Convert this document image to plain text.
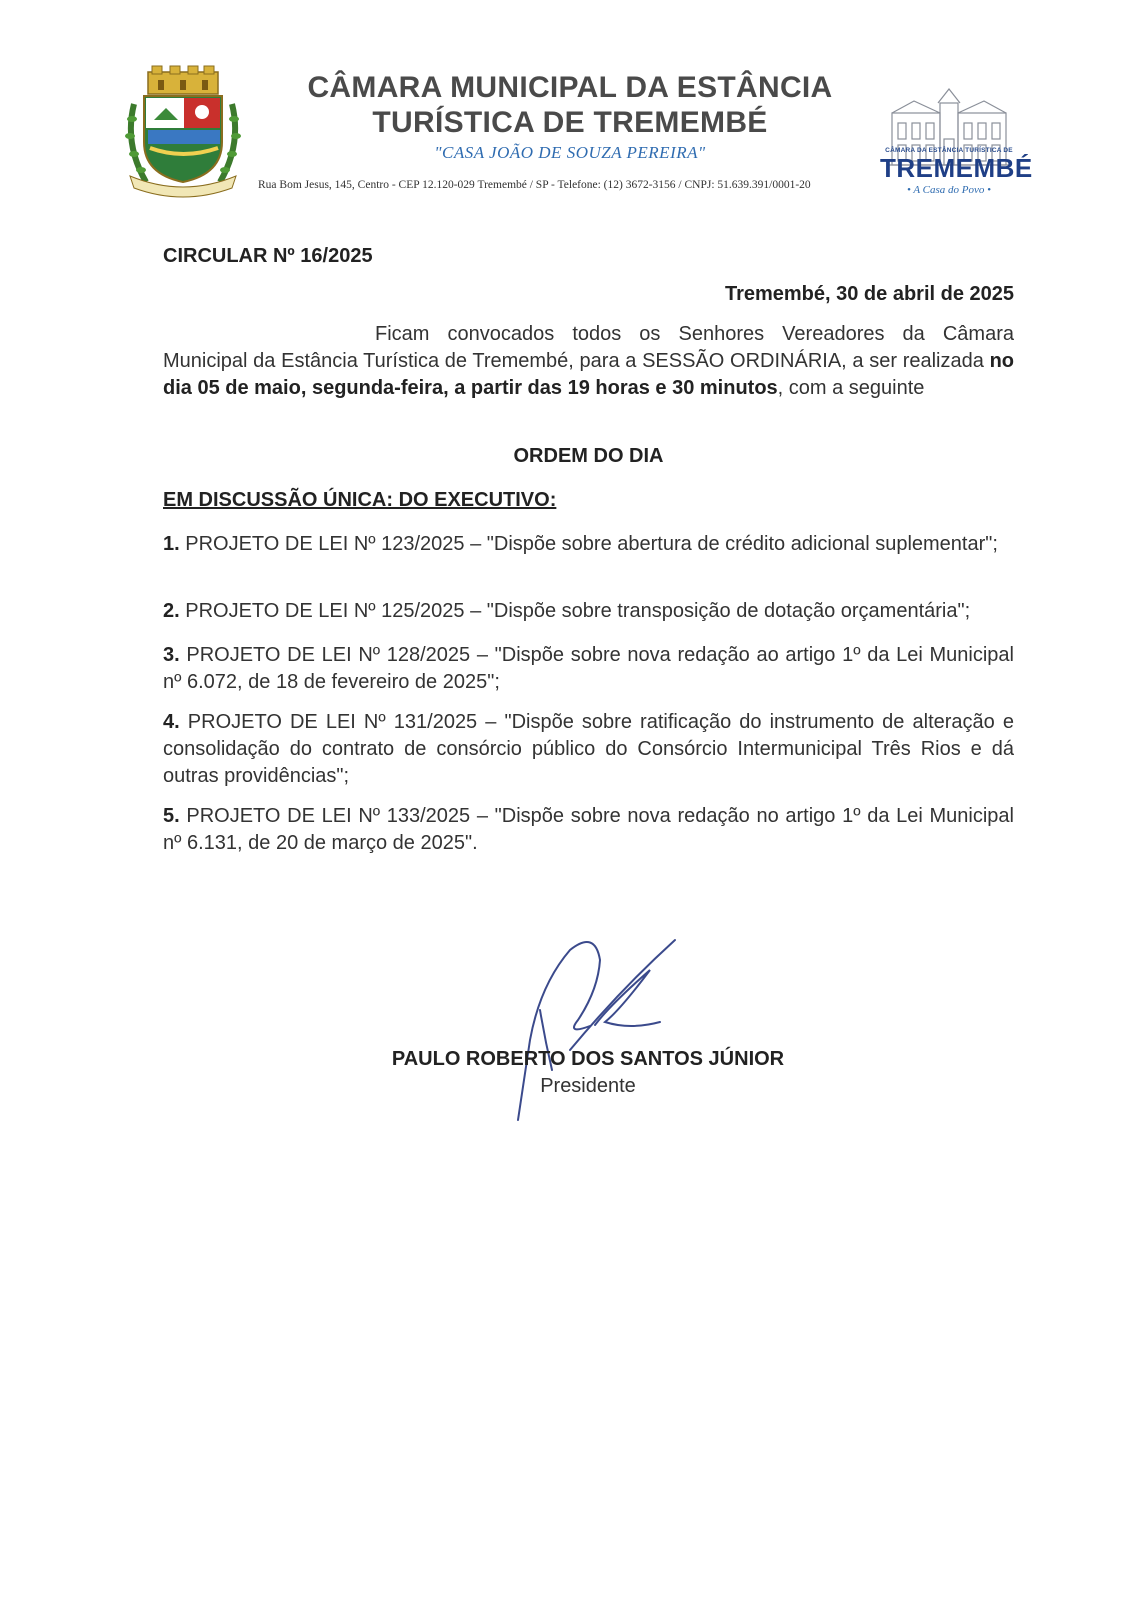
CÂMARA DA ESTÂNCIA TURÍSTICA DE
TREMEMBÉ
• A Casa do Povo •
CÂMARA MUNICIPAL DA ESTÂNCIA
TURÍSTICA DE TREMEMBÉ
"CASA JOÃO DE SOUZA PEREIRA"
Rua Bom Jesus, 145, Centro - CEP 12.120-029 Tremembé / SP - Telefone: (12) 3672-3156 / CNPJ: 51.639.391/0001-20
CIRCULAR Nº 16/2025
Tremembé, 30 de abril de 2025
Ficam convocados todos os Senhores Vereadores da Câmara Municipal da Estância Turística de Tremembé, para a SESSÃO ORDINÁRIA, a ser realizada no dia 05 de maio, segunda-feira, a partir das 19 horas e 30 minutos, com a seguinte
ORDEM DO DIA
EM DISCUSSÃO ÚNICA: DO EXECUTIVO:
1. PROJETO DE LEI Nº 123/2025 – "Dispõe sobre abertura de crédito adicional suplementar";
2. PROJETO DE LEI Nº 125/2025 – "Dispõe sobre transposição de dotação orçamentária";
3. PROJETO DE LEI Nº 128/2025 – "Dispõe sobre nova redação ao artigo 1º da Lei Municipal nº 6.072, de 18 de fevereiro de 2025";
4. PROJETO DE LEI Nº 131/2025 – "Dispõe sobre ratificação do instrumento de alteração e consolidação do contrato de consórcio público do Consórcio Intermunicipal Três Rios e dá outras providências";
5. PROJETO DE LEI Nº 133/2025 – "Dispõe sobre nova redação no artigo 1º da Lei Municipal nº 6.131, de 20 de março de 2025".
PAULO ROBERTO DOS SANTOS JÚNIOR
Presidente
